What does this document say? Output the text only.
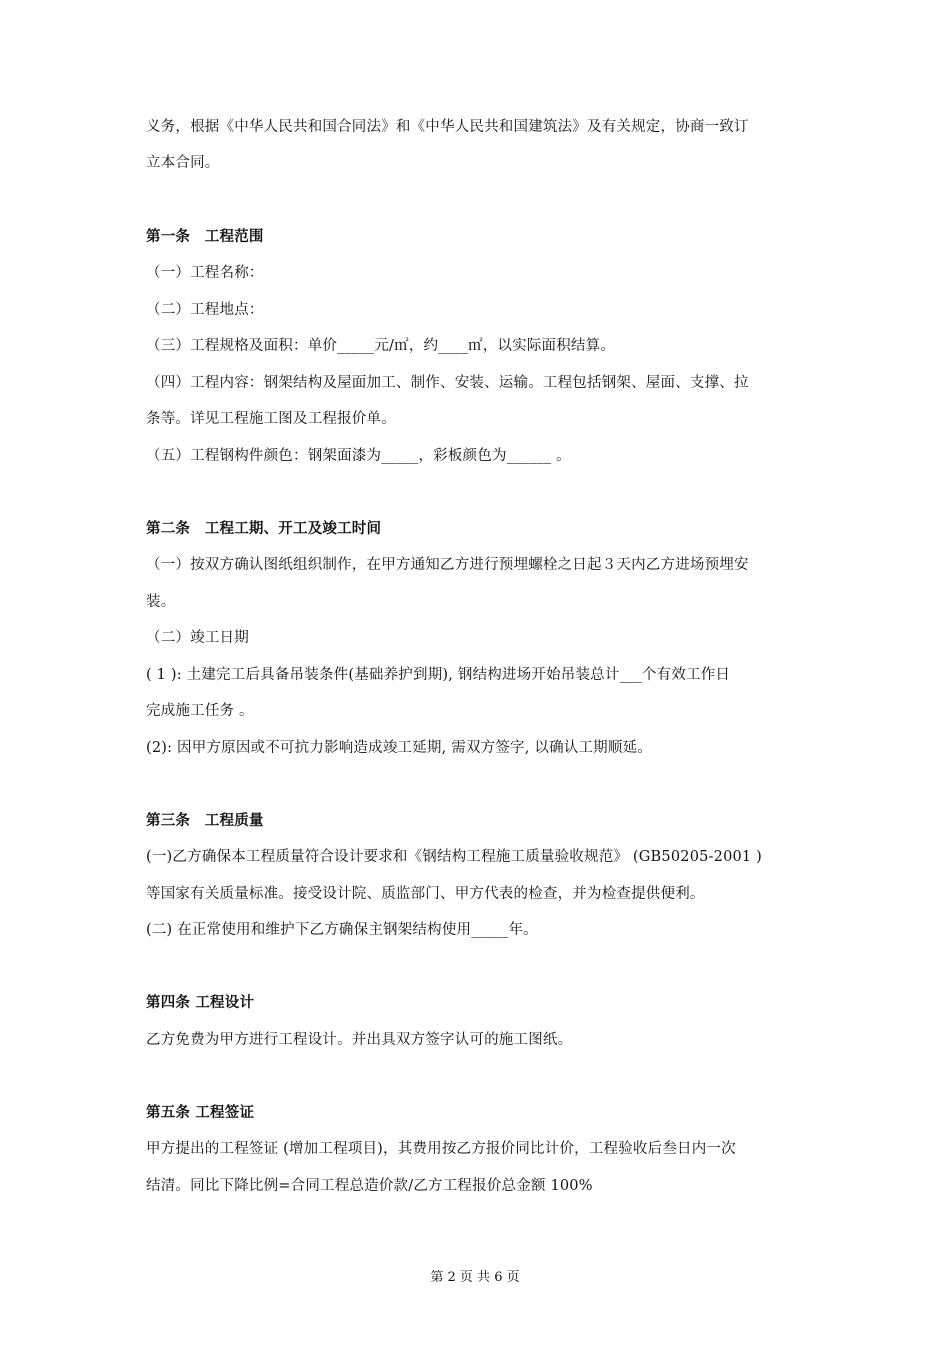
义务，根据《中华人民共和国合同法》和《中华人民共和国建筑法》及有关规定，协商一致订
立本合同。
第一条　工程范围
（一）工程名称：
（二）工程地点：
（三）工程规格及面积：单价_____元/㎡，约____㎡，以实际面积结算。
（四）工程内容：钢架结构及屋面加工、制作、安装、运输。工程包括钢架、屋面、支撑、拉
条等。详见工程施工图及工程报价单。
（五）工程钢构件颜色：钢架面漆为_____，彩板颜色为______ 。
第二条　工程工期、开工及竣工时间
（一）按双方确认图纸组织制作，在甲方通知乙方进行预埋螺栓之日起３天内乙方进场预埋安
装。
（二）竣工日期
( 1 ): 土建完工后具备吊装条件(基础养护到期), 钢结构进场开始吊装总计___个有效工作日
完成施工任务 。
(2): 因甲方原因或不可抗力影响造成竣工延期, 需双方签字, 以确认工期顺延。
第三条　工程质量
(一)乙方确保本工程质量符合设计要求和《钢结构工程施工质量验收规范》 (GB50205-2001 )
等国家有关质量标准。接受设计院、质监部门、甲方代表的检查，并为检查提供便利。
(二) 在正常使用和维护下乙方确保主钢架结构使用_____年。
第四条 工程设计
乙方免费为甲方进行工程设计。并出具双方签字认可的施工图纸。
第五条 工程签证
甲方提出的工程签证 (增加工程项目)，其费用按乙方报价同比计价，工程验收后叁日内一次
结清。同比下降比例=合同工程总造价款/乙方工程报价总金额 100%
第 2 页 共 6 页
